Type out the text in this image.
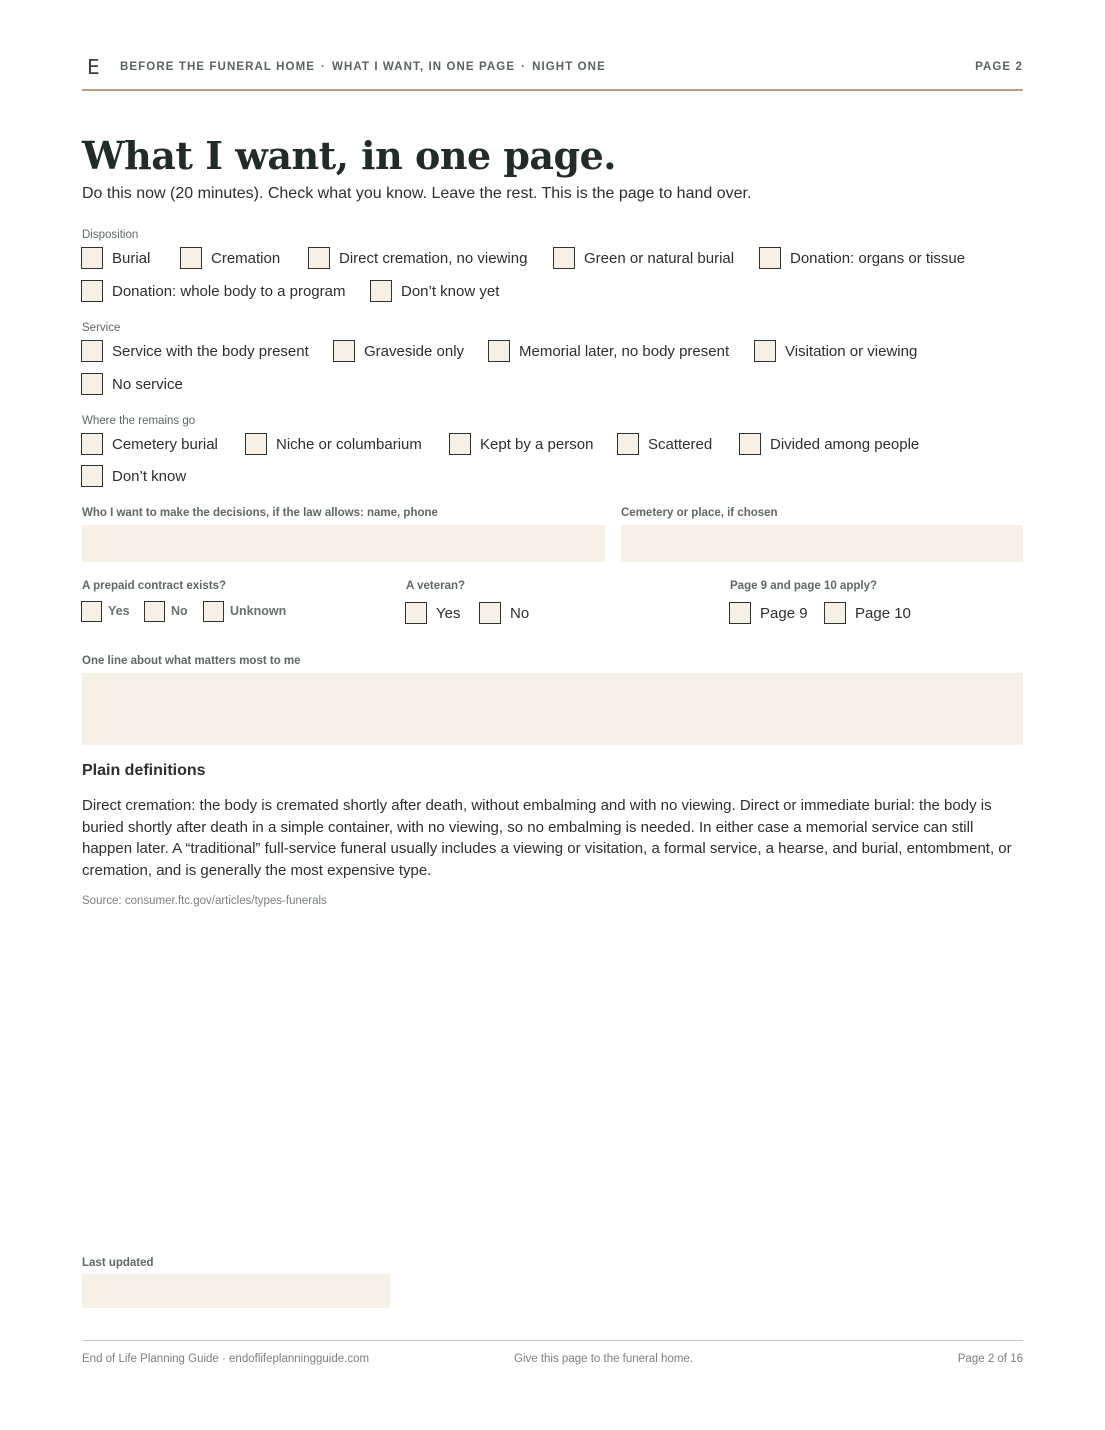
E BEFORE THE FUNERAL HOME · WHAT I WANT, IN ONE PAGE · NIGHT ONE	PAGE 2
What I want, in one page.

Do this now (20 minutes). Check what you know. Leave the rest. This is the page to hand over.

Disposition
Burial	Cremation	Direct cremation, no viewing	Green or natural burial	Donation: organs or tissue
Donation: whole body to a program	Don’t know yet
Service
Service with the body present	Graveside only	Memorial later, no body present	Visitation or viewing
No service
Where the remains go
Cemetery burial	Niche or columbarium	Kept by a person	Scattered	Divided among people
Don’t know
Who I want to make the decisions, if the law allows: name, phone	Cemetery or place, if chosen
A prepaid contract exists?
Yes	No	Unknown
A veteran?
Yes	No
Page 9 and page 10 apply?
Page 9	Page 10
One line about what matters most to me
Plain definitions

Direct cremation: the body is cremated shortly after death, without embalming and with no viewing. Direct or immediate burial: the body is buried shortly after death in a simple container, with no viewing, so no embalming is needed. In either case a memorial service can still happen later. A “traditional” full-service funeral usually includes a viewing or visitation, a formal service, a hearse, and burial, entombment, or cremation, and is generally the most expensive type.

Source: consumer.ftc.gov/articles/types-funerals
Last updated
End of Life Planning Guide · endoflifeplanningguide.com	Give this page to the funeral home.	Page 2 of 16
